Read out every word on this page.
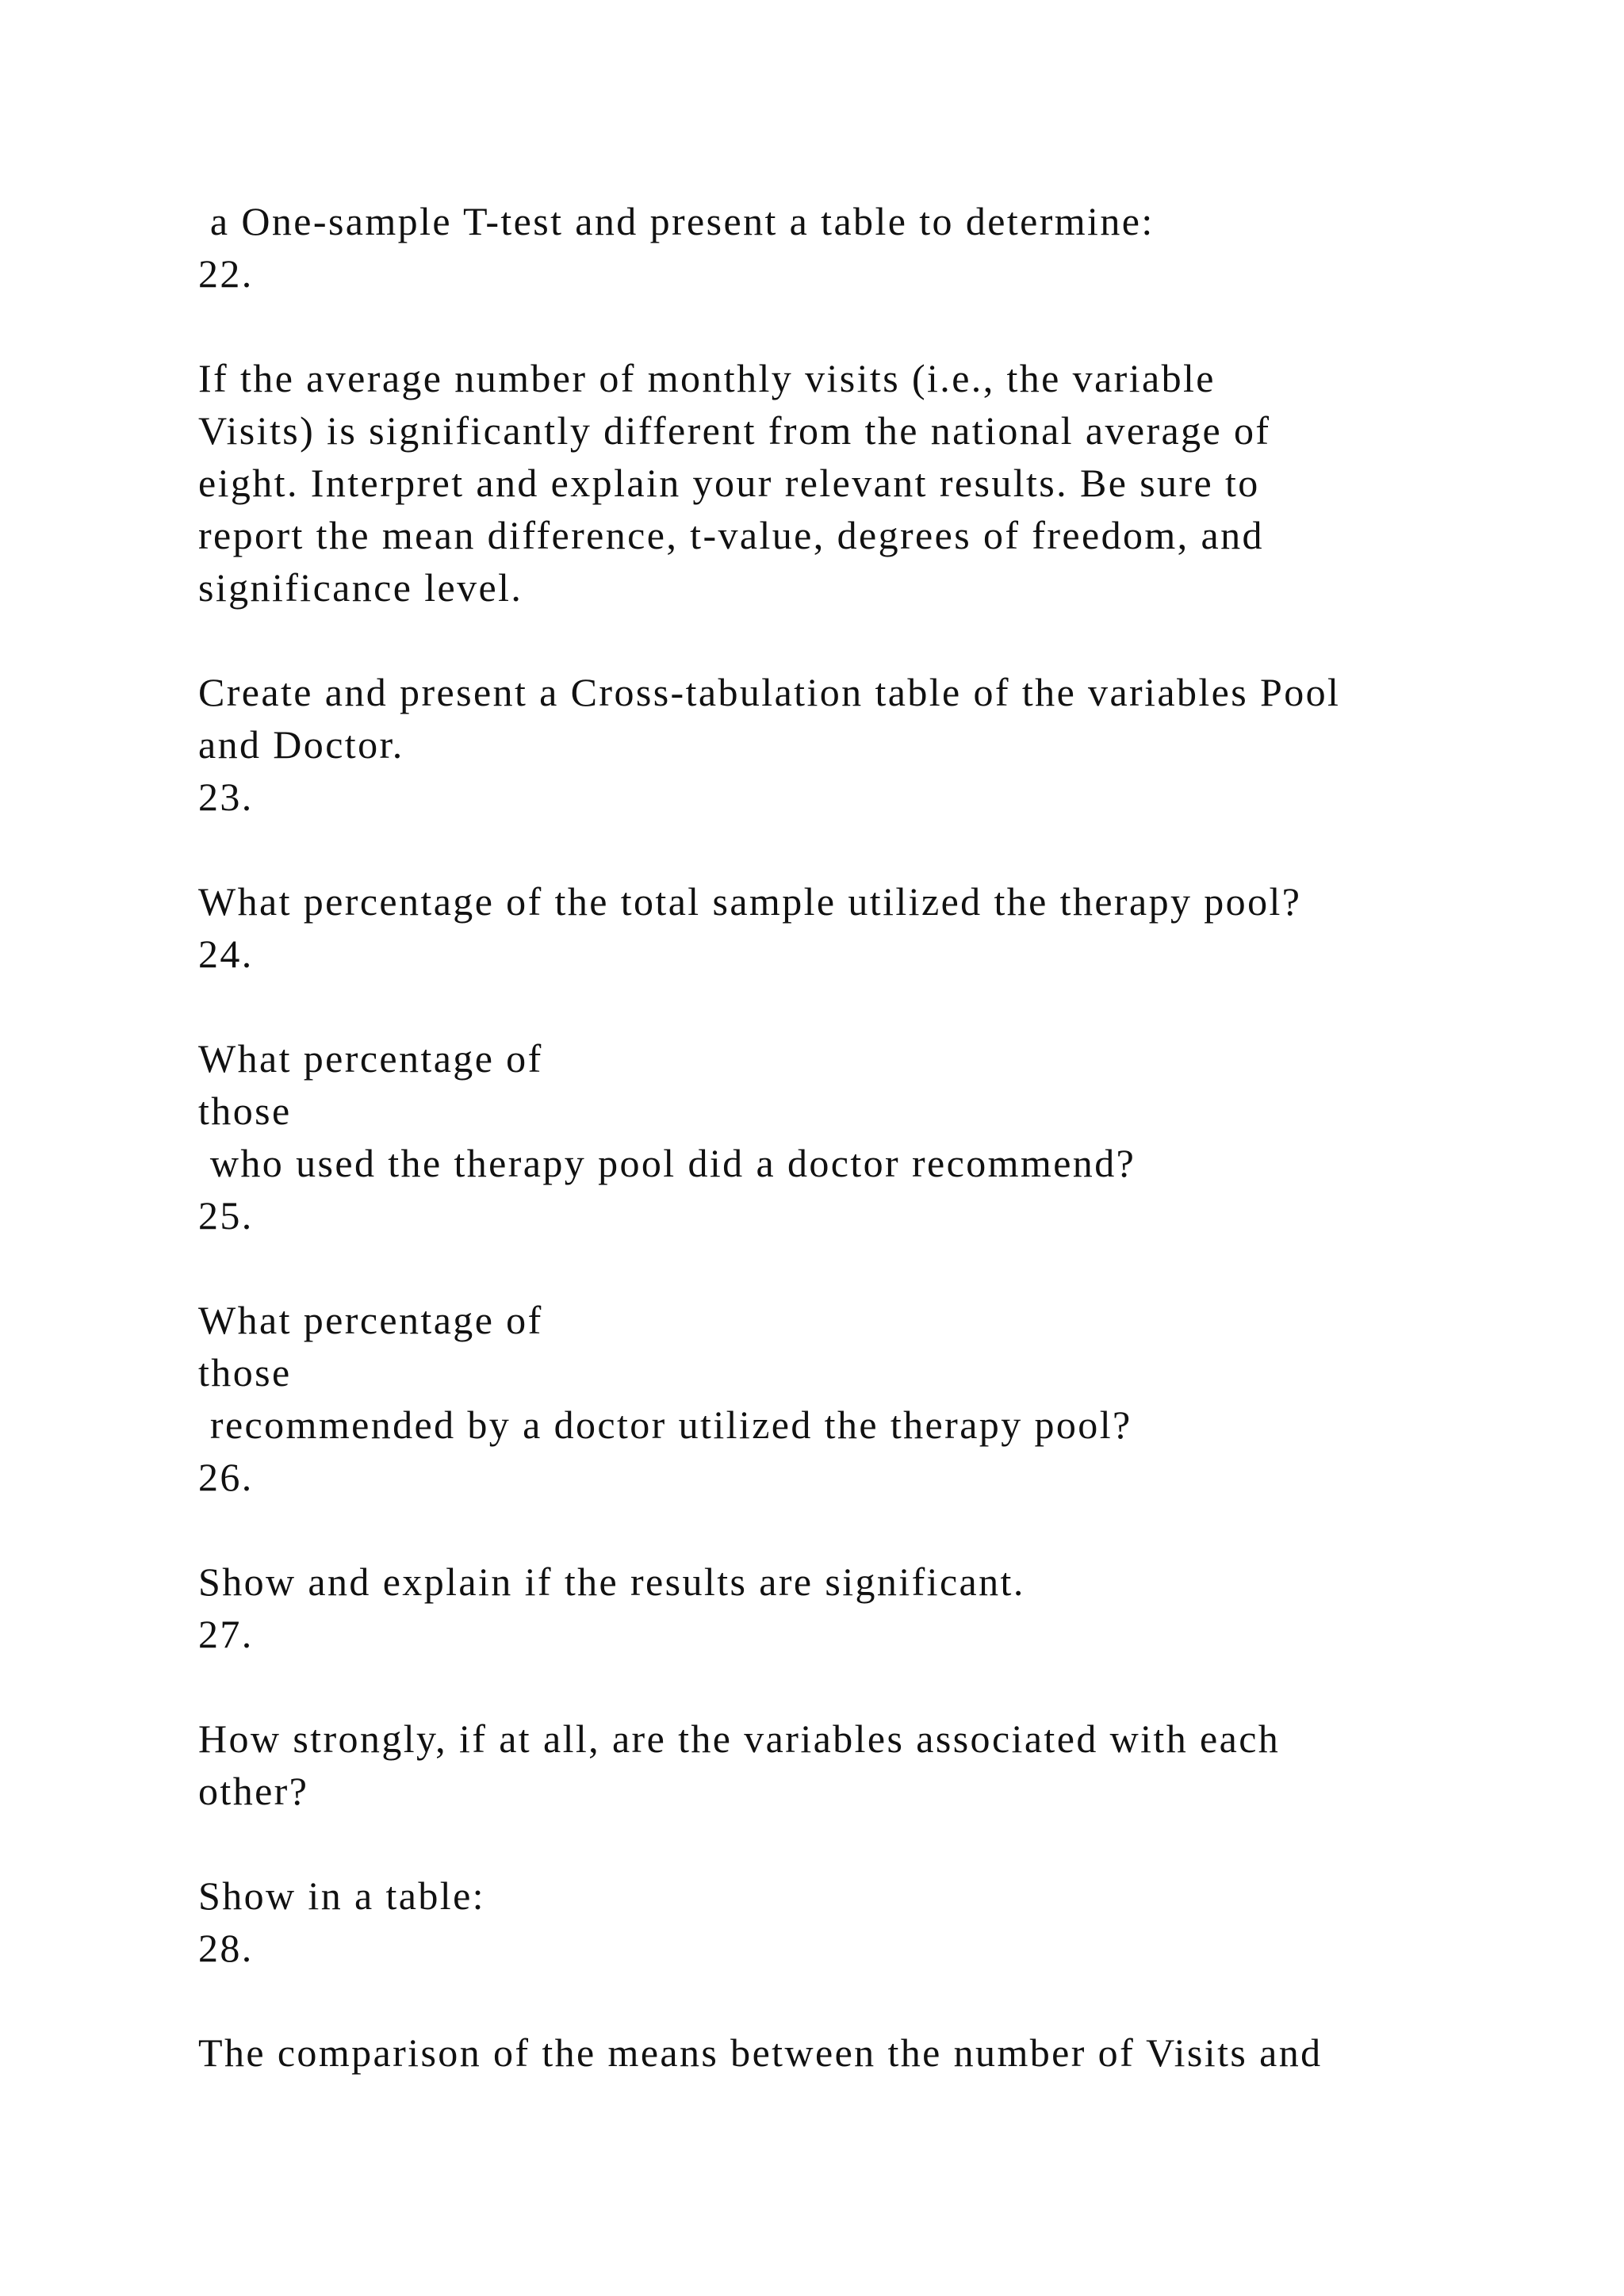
a One-sample T-test and present a table to determine:
22.
If the average number of monthly visits (i.e., the variable
Visits) is significantly different from the national average of
eight. Interpret and explain your relevant results. Be sure to
report the mean difference, t-value, degrees of freedom, and
significance level.
Create and present a Cross-tabulation table of the variables Pool
and Doctor.
23.
What percentage of the total sample utilized the therapy pool?
24.
What percentage of
those
who used the therapy pool did a doctor recommend?
25.
What percentage of
those
recommended by a doctor utilized the therapy pool?
26.
Show and explain if the results are significant.
27.
How strongly, if at all, are the variables associated with each
other?
Show in a table:
28.
The comparison of the means between the number of Visits and
